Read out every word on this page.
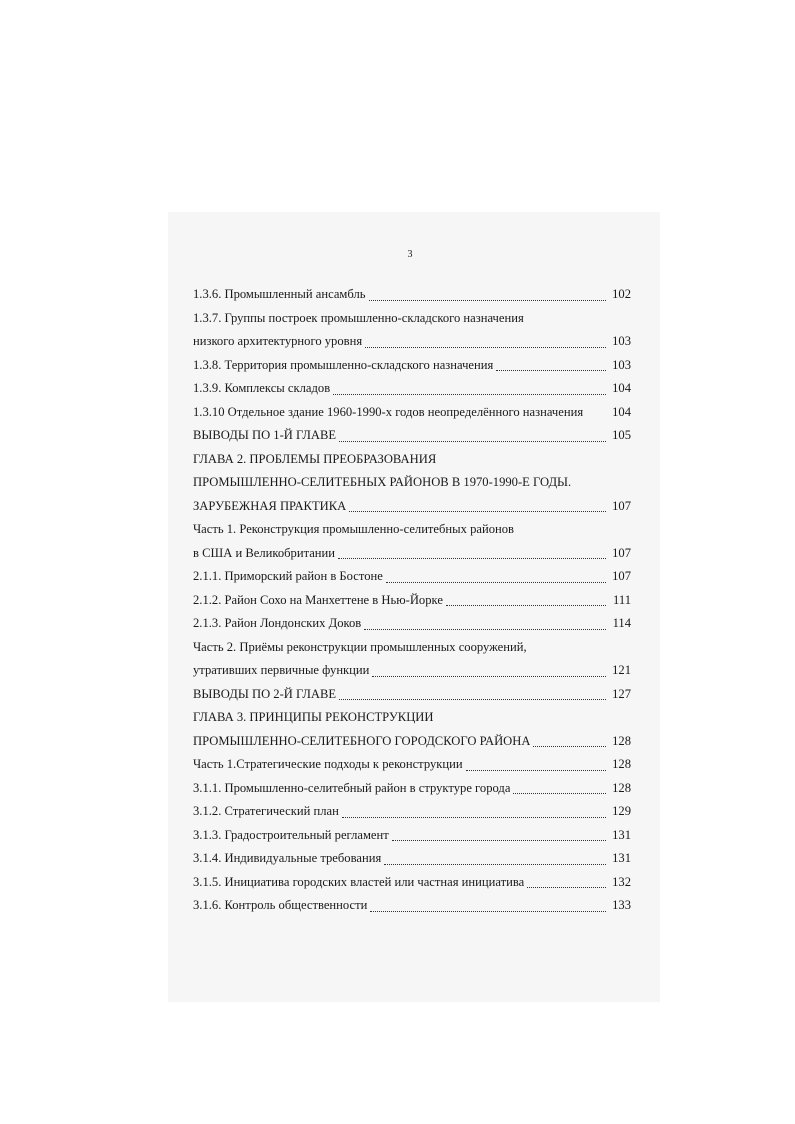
3
1.3.6. Промышленный ансамбль	102
1.3.7. Группы построек промышленно-складского назначения
низкого архитектурного уровня	103
1.3.8. Территория промышленно-складского назначения	103
1.3.9. Комплексы складов	104
1.3.10 Отдельное здание 1960-1990-х годов неопределённого назначения 104
ВЫВОДЫ ПО 1-Й ГЛАВЕ	105
ГЛАВА 2. ПРОБЛЕМЫ ПРЕОБРАЗОВАНИЯ
ПРОМЫШЛЕННО-СЕЛИТЕБНЫХ РАЙОНОВ В 1970-1990-Е ГОДЫ.
ЗАРУБЕЖНАЯ ПРАКТИКА	107
Часть 1. Реконструкция промышленно-селитебных районов
в США и Великобритании	107
2.1.1. Приморский район в Бостоне	107
2.1.2. Район Сохо на Манхеттене в Нью-Йорке	111
2.1.3. Район Лондонских Доков	114
Часть 2. Приёмы реконструкции промышленных сооружений,
утративших первичные функции	121
ВЫВОДЫ ПО 2-Й ГЛАВЕ	127
ГЛАВА 3. ПРИНЦИПЫ РЕКОНСТРУКЦИИ
ПРОМЫШЛЕННО-СЕЛИТЕБНОГО ГОРОДСКОГО РАЙОНА	128
Часть 1.Стратегические подходы к реконструкции	128
3.1.1. Промышленно-селитебный район в структуре города	128
3.1.2. Стратегический план	129
3.1.3. Градостроительный регламент	131
3.1.4. Индивидуальные требования	131
3.1.5. Инициатива городских властей или частная инициатива	132
3.1.6. Контроль общественности	133
